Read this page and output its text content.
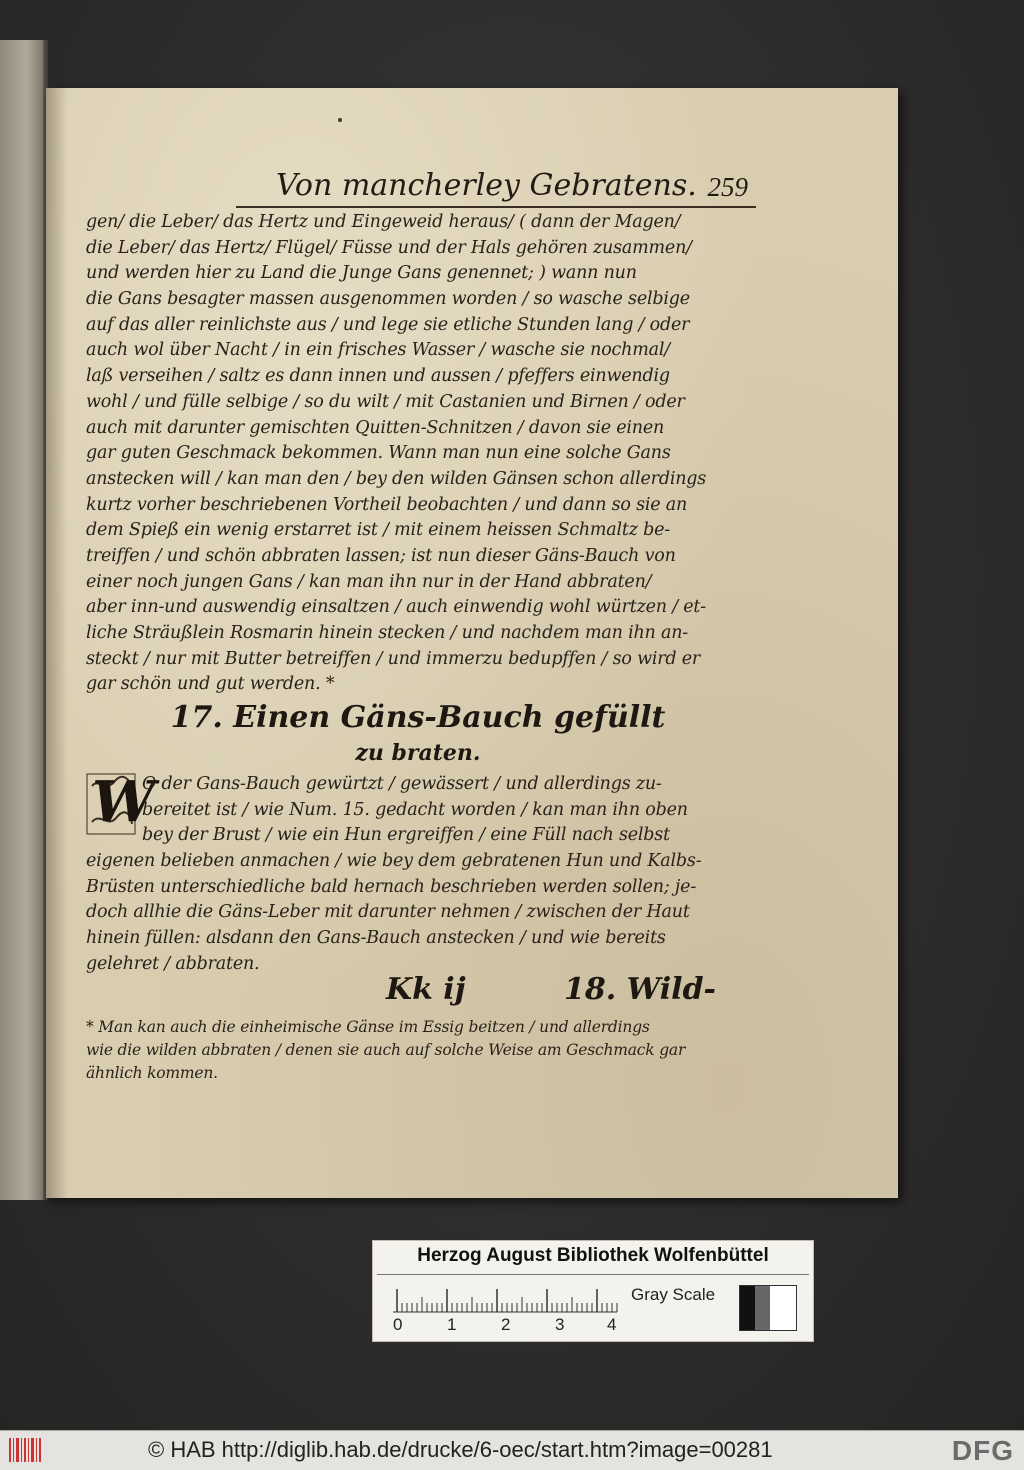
Von mancherley Gebratens. 259
gen/ die Leber/ das Hertz und Eingeweid heraus/ ( dann der Magen/
die Leber/ das Hertz/ Flügel/ Füsse und der Hals gehören zusammen/
und werden hier zu Land die Junge Gans genennet; ) wann nun
die Gans besagter massen ausgenommen worden / so wasche selbige
auf das aller reinlichste aus / und lege sie etliche Stunden lang / oder
auch wol über Nacht / in ein frisches Wasser / wasche sie nochmal/
laß verseihen / saltz es dann innen und aussen / pfeffers einwendig
wohl / und fülle selbige / so du wilt / mit Castanien und Birnen / oder
auch mit darunter gemischten Quitten-Schnitzen / davon sie einen
gar guten Geschmack bekommen. Wann man nun eine solche Gans
anstecken will / kan man den / bey den wilden Gänsen schon allerdings
kurtz vorher beschriebenen Vortheil beobachten / und dann so sie an
dem Spieß ein wenig erstarret ist / mit einem heissen Schmaltz be-
treiffen / und schön abbraten lassen; ist nun dieser Gäns-Bauch von
einer noch jungen Gans / kan man ihn nur in der Hand abbraten/
aber inn-und auswendig einsaltzen / auch einwendig wohl würtzen / et-
liche Sträußlein Rosmarin hinein stecken / und nachdem man ihn an-
steckt / nur mit Butter betreiffen / und immerzu bedupffen / so wird er
gar schön und gut werden. *
17. Einen Gäns-Bauch gefüllt
zu braten.
W
O der Gans-Bauch gewürtzt / gewässert / und allerdings zu-
bereitet ist / wie Num. 15. gedacht worden / kan man ihn oben
bey der Brust / wie ein Hun ergreiffen / eine Füll nach selbst
eigenen belieben anmachen / wie bey dem gebratenen Hun und Kalbs-
Brüsten unterschiedliche bald hernach beschrieben werden sollen; je-
doch allhie die Gäns-Leber mit darunter nehmen / zwischen der Haut
hinein füllen: alsdann den Gans-Bauch anstecken / und wie bereits
gelehret / abbraten.
Kk ij	18. Wild-
* Man kan auch die einheimische Gänse im Essig beitzen / und allerdings
wie die wilden abbraten / denen sie auch auf solche Weise am Geschmack gar
ähnlich kommen.
Herzog August Bibliothek Wolfenbüttel
Gray Scale
0	1	2	3	4
© HAB http://diglib.hab.de/drucke/6-oec/start.htm?image=00281	DFG
